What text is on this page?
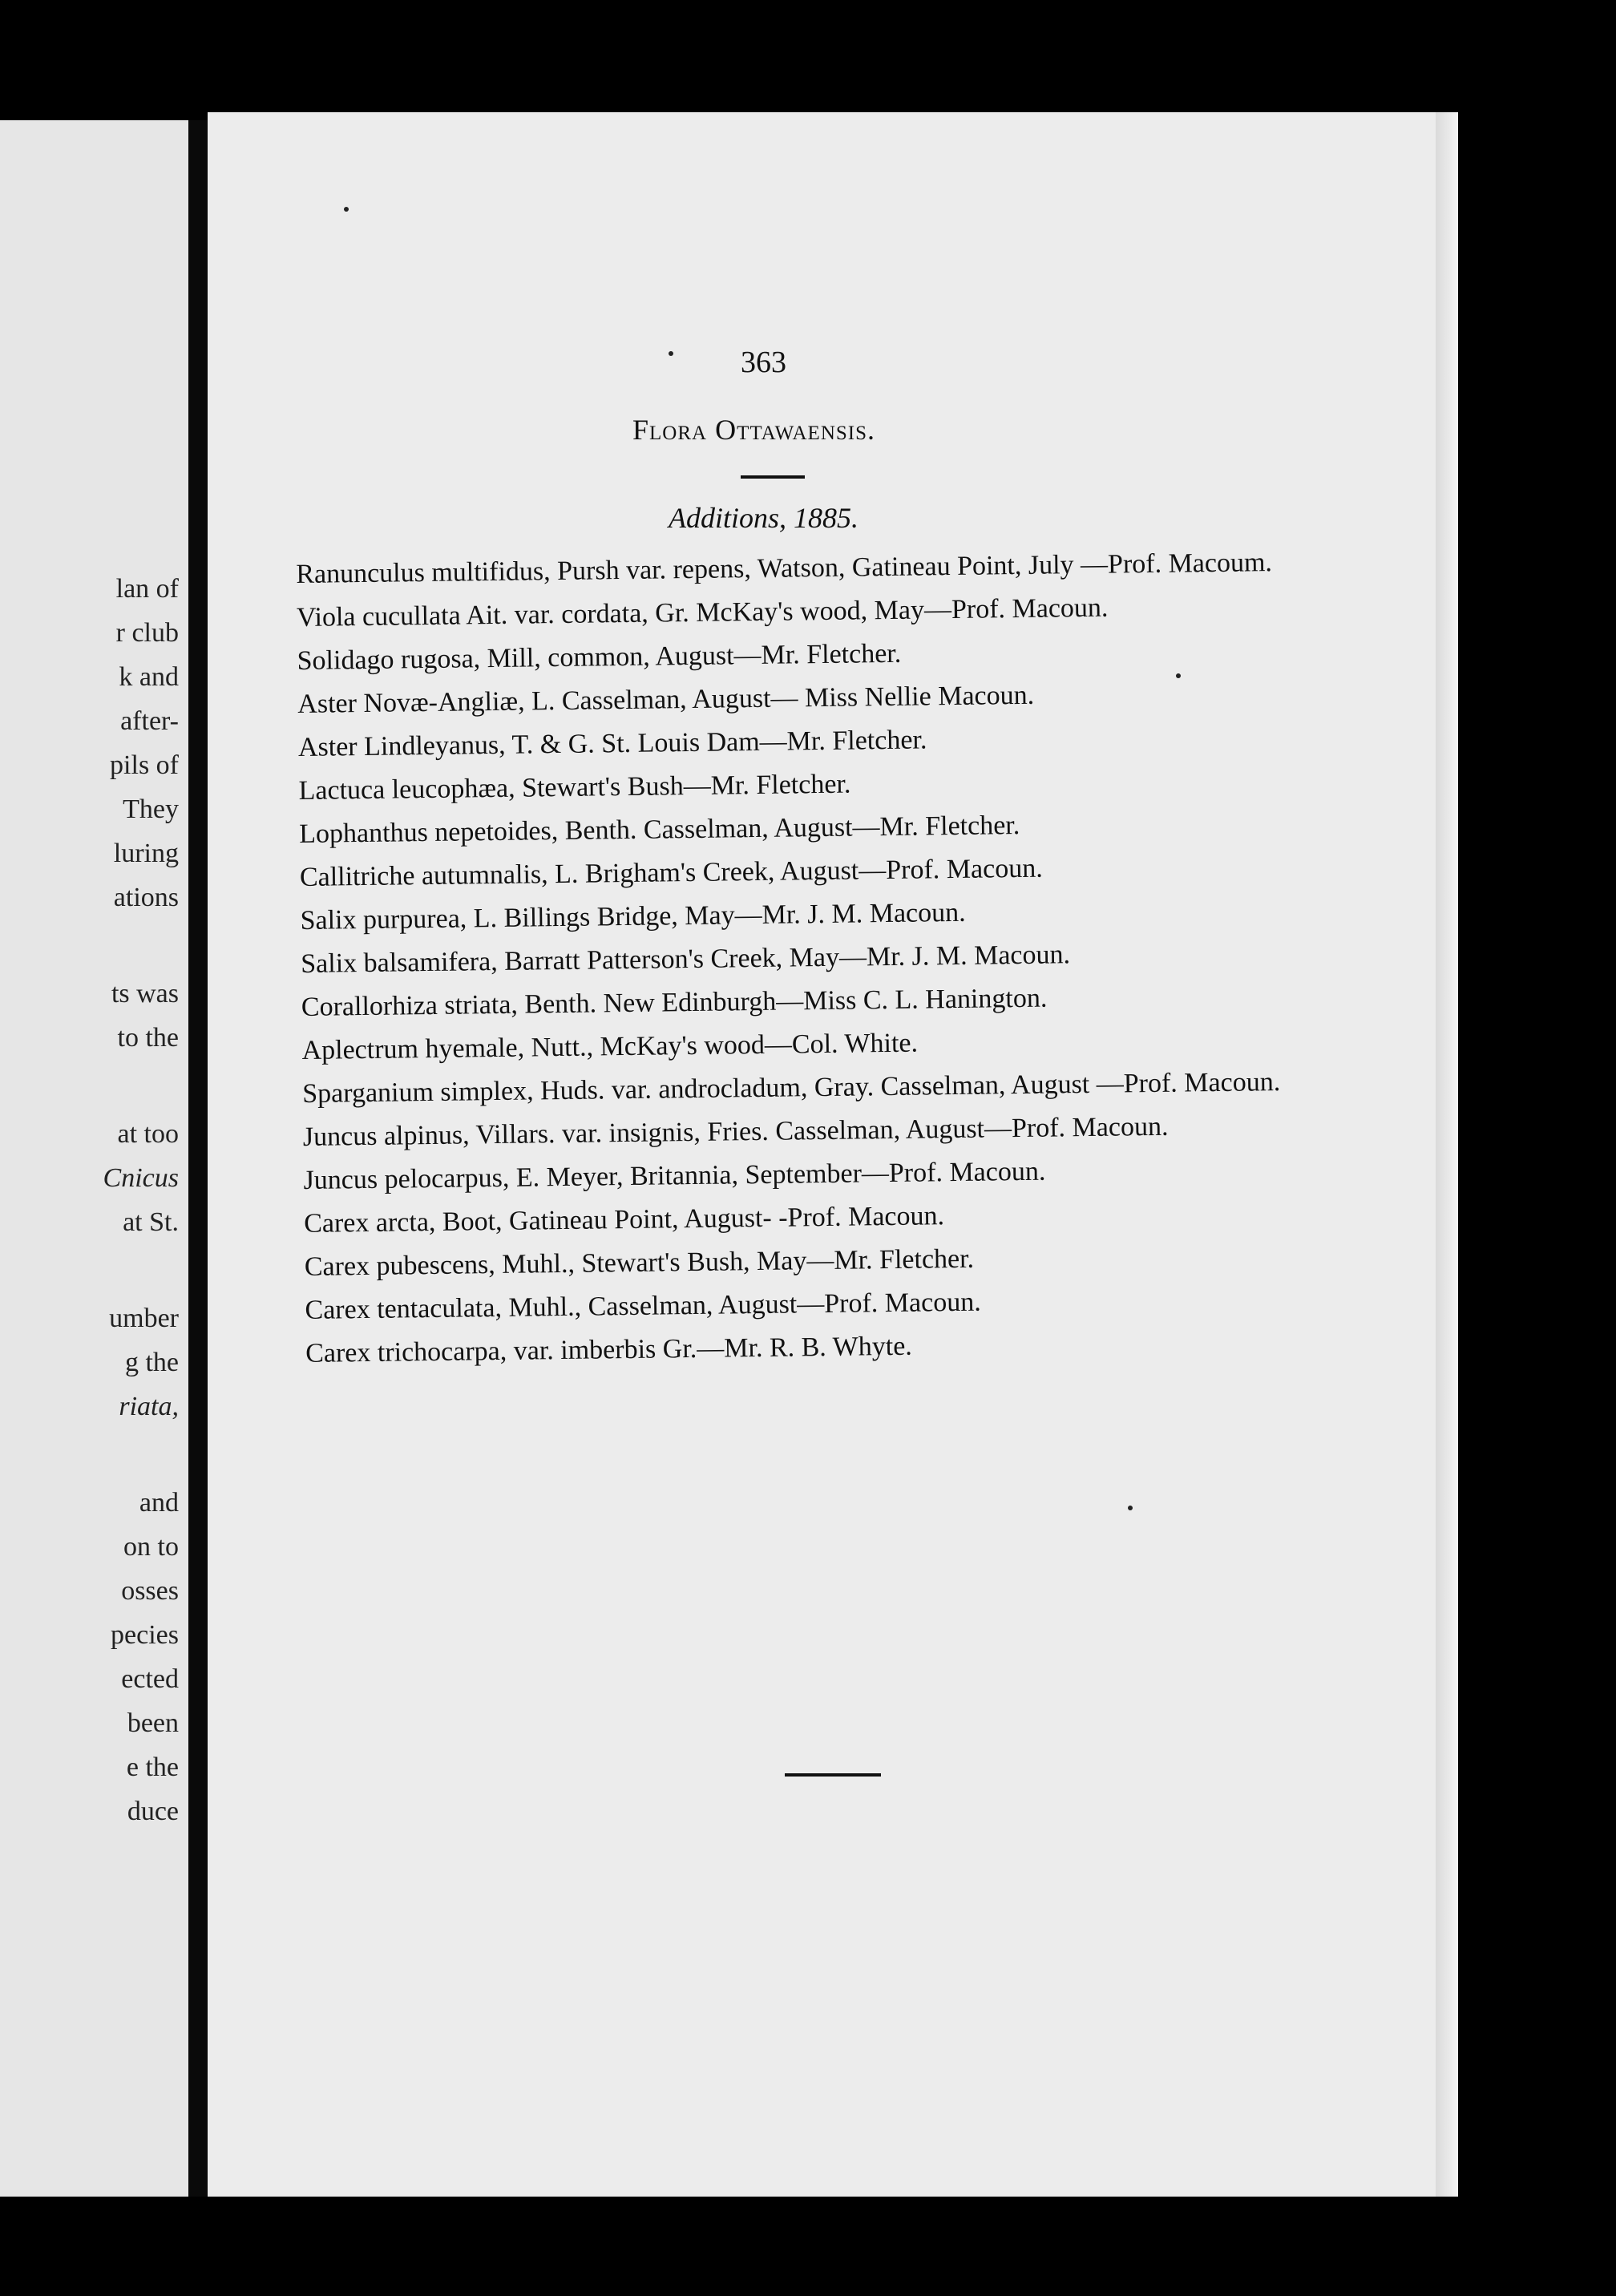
lan of
r club
k and
after-
pils of
They
luring
ations
ts was
to the
at too
Cnicus
at St.
umber
g the
riata,
and
on to
osses
pecies
ected
been
e the
duce
363
Flora Ottawaensis.
Additions, 1885.
Ranunculus multifidus, Pursh var. repens, Watson, Gatineau Point, July —Prof. Macoum.
Viola cucullata Ait. var. cordata, Gr. McKay's wood, May—Prof. Macoun.
Solidago rugosa, Mill, common, August—Mr. Fletcher.
Aster Novæ-Angliæ, L. Casselman, August— Miss Nellie Macoun.
Aster Lindleyanus, T. & G. St. Louis Dam—Mr. Fletcher.
Lactuca leucophæa, Stewart's Bush—Mr. Fletcher.
Lophanthus nepetoides, Benth. Casselman, August—Mr. Fletcher.
Callitriche autumnalis, L. Brigham's Creek, August—Prof. Macoun.
Salix purpurea, L. Billings Bridge, May—Mr. J. M. Macoun.
Salix balsamifera, Barratt Patterson's Creek, May—Mr. J. M. Macoun.
Corallorhiza striata, Benth. New Edinburgh—Miss C. L. Hanington.
Aplectrum hyemale, Nutt., McKay's wood—Col. White.
Sparganium simplex, Huds. var. androcladum, Gray. Casselman, August —Prof. Macoun.
Juncus alpinus, Villars. var. insignis, Fries. Casselman, August—Prof. Macoun.
Juncus pelocarpus, E. Meyer, Britannia, September—Prof. Macoun.
Carex arcta, Boot, Gatineau Point, August- -Prof. Macoun.
Carex pubescens, Muhl., Stewart's Bush, May—Mr. Fletcher.
Carex tentaculata, Muhl., Casselman, August—Prof. Macoun.
Carex trichocarpa, var. imberbis Gr.—Mr. R. B. Whyte.
